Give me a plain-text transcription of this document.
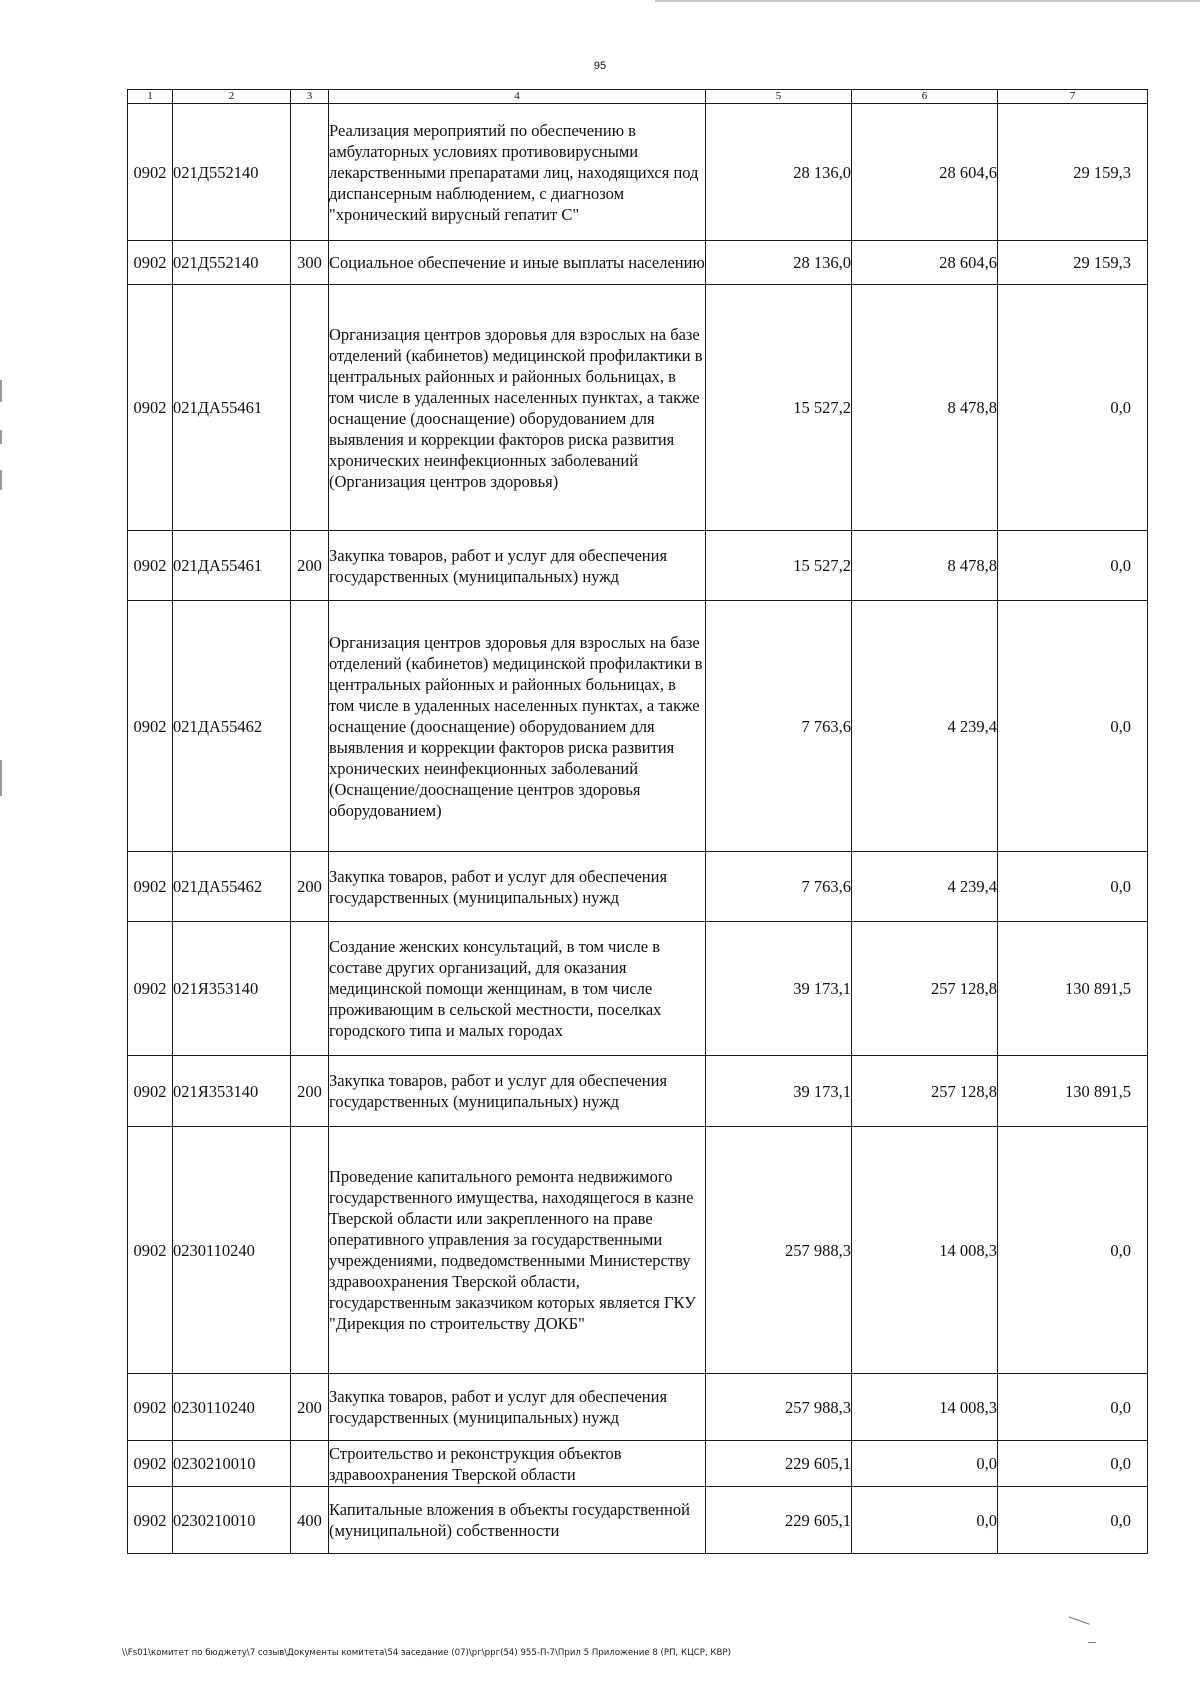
95
1	2	3	4	5	6	7
0902	021Д552140		Реализация мероприятий по обеспечению в амбулаторных условиях противовирусными лекарственными препаратами лиц, находящихся под диспансерным наблюдением, с диагнозом "хронический вирусный гепатит С"	28 136,0	28 604,6	29 159,3
0902	021Д552140	300	Социальное обеспечение и иные выплаты населению	28 136,0	28 604,6	29 159,3
0902	021ДА55461		Организация центров здоровья для взрослых на базе отделений (кабинетов) медицинской профилактики в центральных районных и районных больницах, в том числе в удаленных населенных пунктах, а также оснащение (дооснащение) оборудованием для выявления и коррекции факторов риска развития хронических неинфекционных заболеваний (Организация центров здоровья)	15 527,2	8 478,8	0,0
0902	021ДА55461	200	Закупка товаров, работ и услуг для обеспечения государственных (муниципальных) нужд	15 527,2	8 478,8	0,0
0902	021ДА55462		Организация центров здоровья для взрослых на базе отделений (кабинетов) медицинской профилактики в центральных районных и районных больницах, в том числе в удаленных населенных пунктах, а также оснащение (дооснащение) оборудованием для выявления и коррекции факторов риска развития хронических неинфекционных заболеваний (Оснащение/дооснащение центров здоровья оборудованием)	7 763,6	4 239,4	0,0
0902	021ДА55462	200	Закупка товаров, работ и услуг для обеспечения государственных (муниципальных) нужд	7 763,6	4 239,4	0,0
0902	021Я353140		Создание женских консультаций, в том числе в составе других организаций, для оказания медицинской помощи женщинам, в том числе проживающим в сельской местности, поселках городского типа и малых городах	39 173,1	257 128,8	130 891,5
0902	021Я353140	200	Закупка товаров, работ и услуг для обеспечения государственных (муниципальных) нужд	39 173,1	257 128,8	130 891,5
0902	0230110240		Проведение капитального ремонта недвижимого государственного имущества, находящегося в казне Тверской области или закрепленного на праве оперативного управления за государственными учреждениями, подведомственными Министерству здравоохранения Тверской области, государственным заказчиком которых является ГКУ "Дирекция по строительству ДОКБ"	257 988,3	14 008,3	0,0
0902	0230110240	200	Закупка товаров, работ и услуг для обеспечения государственных (муниципальных) нужд	257 988,3	14 008,3	0,0
0902	0230210010		Строительство и реконструкция объектов здравоохранения Тверской области	229 605,1	0,0	0,0
0902	0230210010	400	Капитальные вложения в объекты государственной (муниципальной) собственности	229 605,1	0,0	0,0
\\Fs01\комитет по бюджету\7 созыв\Документы комитета\54 заседание (07)\рг\ррг(54) 955-П-7\Прил 5 Приложение 8 (РП, КЦСР, КВР)
